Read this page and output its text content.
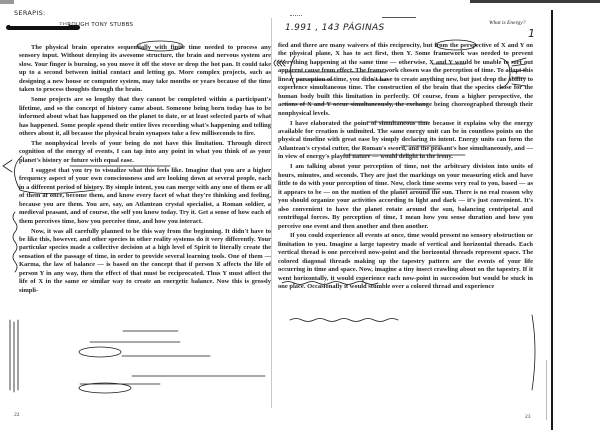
SERAPIS:
"An Ascension Handbook"
, THROUGH TONY STUBBS

The physical brain operates sequentially with finite time needed to process any sensory input. Without denying its awesome structure, the brain and nervous system are slow. Your finger is burning, so you move it off the stove or drop the hot pan. It could take up to a second between initial contact and letting go. More complex projects, such as designing a new house or computer system, may take months or years because of the time taken to process thoughts through the brain.

Some projects are so lengthy that they cannot be completed within a participant's lifetime, and so the concept of history came about. Someone being born today has to be informed about what has happened on the planet to date, or at least selected parts of what has happened. Some people spend their entire lives recording what's happening and telling others about it, all because the physical brain synapses take a few milliseconds to fire.

The nonphysical levels of your being do not have this limitation. Through direct cognition of the energy of events, I can tap into any point in what you think of as your planet's history or future with equal ease.

I suggest that you try to visualize what this feels like. Imagine that you are a higher frequency aspect of your own consciousness and are looking down at several people, each in a different period of history. By simple intent, you can merge with any one of them or all of them at once, become them, and know every facet of what they're thinking and feeling, because you are them. You are, say, an Atlantean crystal specialist, a Roman soldier, a medieval peasant, and of course, the self you know today. Try it. Get a sense of how each of them perceives time, how you perceive time, and how you interact.

Now, it was all carefully planned to be this way from the beginning. It didn't have to be like this, however, and other species in other reality systems do it very differently. Your particular species made a collective decision at a high level of Spirit to literally create the sensation of the passage of time, in order to provide several learning tools. One of them — Karma, the law of balance — is based on the concept that if person X affects the life of person Y in any way, then the effect of that must be reciprocated. Thus Y must affect the life of X in the same or similar way to create an energetic balance. Now this is grossly simpli-

22
1.991 , 143 PÁGINAS	What is Energy?
1

fied and there are many waivers of this reciprocity, but from the perspective of X and Y on the physical plane, X has to act first, then Y. Some framework was needed to prevent everything happening at the same time — otherwise, X and Y would be unable to sort out apparent cause from effect. The framework chosen was the perception of time. To adopt this linear perception of time, you didn't have to create anything new, but just drop the ability to experience simultaneous time. The construction of the brain that the species chose for the human body built this limitation in perfectly. Of course, from a higher perspective, the actions of X and Y occur simultaneously, the exchange being choreographed through their nonphysical levels.

I have elaborated the point of simultaneous time because it explains why the energy available for creation is unlimited. The same energy unit can be in countless points on the physical timeline with great ease by simply declaring its intent. Energy units can form the Atlantean's crystal cutter, the Roman's sword, and the peasant's hoe simultaneously, and — in view of energy's playful nature — would delight in the irony.

I am talking about your perception of time, not the arbitrary division into units of hours, minutes, and seconds. They are just the markings on your measuring stick and have little to do with your perception of time. Now, clock time seems very real to you, based — as it appears to be — on the motion of the planet around the sun. There is no real reason why you should organize your activities according to light and dark — it's just convenient. It's also convenient to have the planet rotate around the sun, balancing centripetal and centrifugal forces. By perception of time, I mean how you sense duration and how you perceive one event and then another and then another.

If you could experience all events at once, time would present no sensory obstruction or limitation to you. Imagine a large tapestry made of vertical and horizontal threads. Each vertical thread is one perceived now-point and the horizontal threads represent space. The colored diagonal threads making up the tapestry pattern are the events of your life occurring in time and space. Now, imagine a tiny insect crawling about on the tapestry. If it went horizontally, it would experience each now-point in succession but would be stuck in one place. Occasionally it would stumble over a colored thread and experience

23
